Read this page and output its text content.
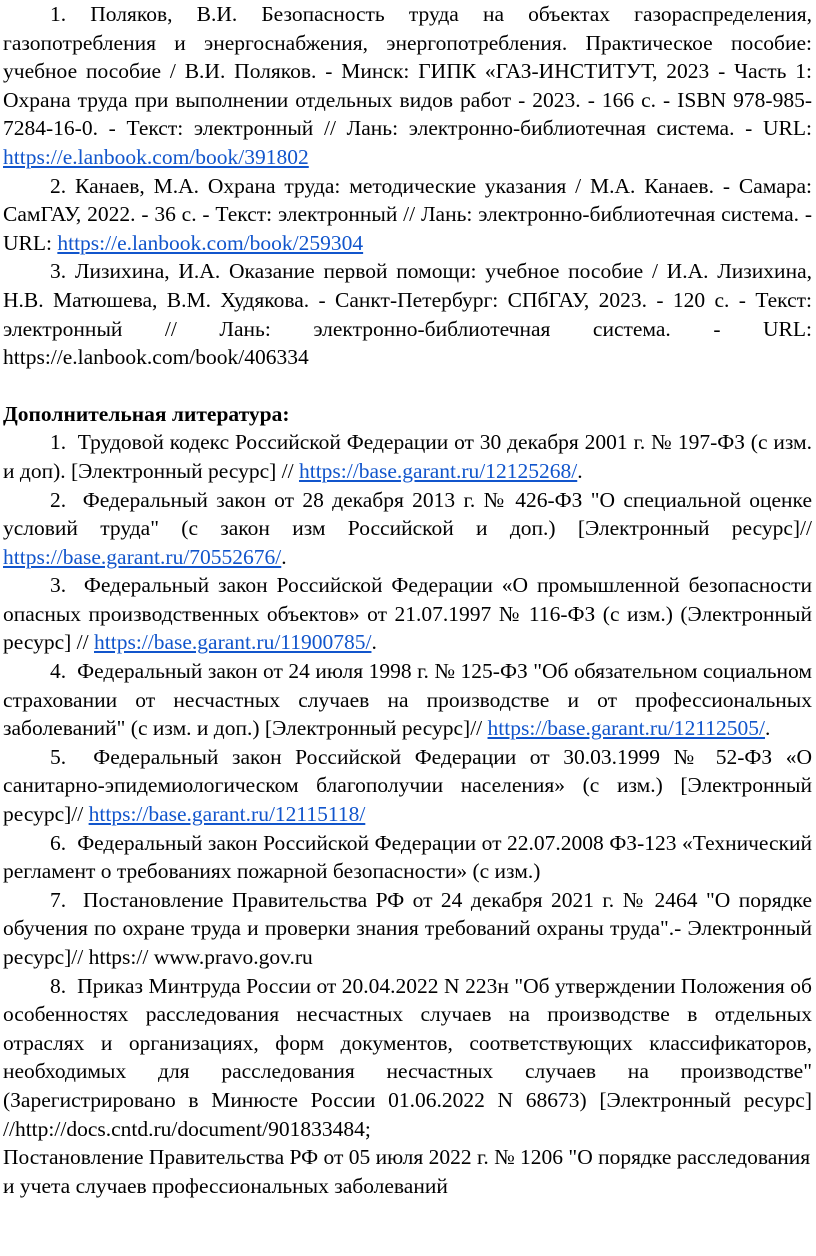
1. Поляков, В.И. Безопасность труда на объектах газораспределения, газопотребления и энергоснабжения, энергопотребления. Практическое пособие: учебное пособие / В.И. Поляков. - Минск: ГИПК «ГАЗ-ИНСТИТУТ, 2023 - Часть 1: Охрана труда при выполнении отдельных видов работ - 2023. - 166 с. - ISBN 978-985-7284-16-0. - Текст: электронный // Лань: электронно-библиотечная система. - URL: https://e.lanbook.com/book/391802

2. Канаев, М.А. Охрана труда: методические указания / М.А. Канаев. - Самара: СамГАУ, 2022. - 36 с. - Текст: электронный // Лань: электронно-библиотечная система. - URL: https://e.lanbook.com/book/259304

3. Лизихина, И.А. Оказание первой помощи: учебное пособие / И.А. Лизихина, Н.В. Матюшева, В.М. Худякова. - Санкт-Петербург: СПбГАУ, 2023. - 120 с. - Текст: электронный // Лань: электронно-библиотечная система. - URL: https://e.lanbook.com/book/406334

Дополнительная литература:

1. Трудовой кодекс Российской Федерации от 30 декабря 2001 г. № 197-ФЗ (с изм. и доп). [Электронный ресурс] // https://base.garant.ru/12125268/.

2. Федеральный закон от 28 декабря 2013 г. № 426-ФЗ "О специальной оценке условий труда" (с закон изм Российской и доп.) [Электронный ресурс]// https://base.garant.ru/70552676/.

3. Федеральный закон Российской Федерации «О промышленной безопасности опасных производственных объектов» от 21.07.1997 № 116-ФЗ (с изм.) (Электронный ресурс] // https://base.garant.ru/11900785/.

4. Федеральный закон от 24 июля 1998 г. № 125-ФЗ "Об обязательном социальном страховании от несчастных случаев на производстве и от профессиональных заболеваний" (с изм. и доп.) [Электронный ресурс]// https://base.garant.ru/12112505/.

5. Федеральный закон Российской Федерации от 30.03.1999 № 52-ФЗ «О санитарно-эпидемиологическом благополучии населения» (с изм.) [Электронный ресурс]// https://base.garant.ru/12115118/

6. Федеральный закон Российской Федерации от 22.07.2008 ФЗ-123 «Технический регламент о требованиях пожарной безопасности» (с изм.)

7. Постановление Правительства РФ от 24 декабря 2021 г. № 2464 "О порядке обучения по охране труда и проверки знания требований охраны труда".- Электронный ресурс]// https:// www.pravo.gov.ru

8. Приказ Минтруда России от 20.04.2022 N 223н "Об утверждении Положения об особенностях расследования несчастных случаев на производстве в отдельных отраслях и организациях, форм документов, соответствующих классификаторов, необходимых для расследования несчастных случаев на производстве" (Зарегистрировано в Минюсте России 01.06.2022 N 68673) [Электронный ресурс] //http://docs.cntd.ru/document/901833484;

Постановление Правительства РФ от 05 июля 2022 г. № 1206 "О порядке расследования и учета случаев профессиональных заболеваний
